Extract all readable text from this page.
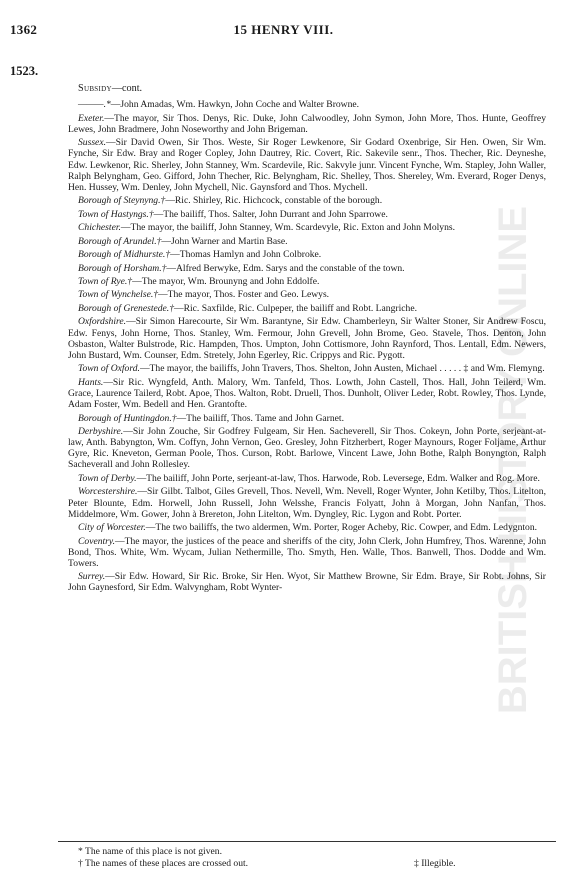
1362	15 HENRY VIII.
1523.

Subsidy—cont.

———.*—John Amadas, Wm. Hawkyn, John Coche and Walter Browne.

Exeter.—The mayor, Sir Thos. Denys, Ric. Duke, John Calwoodley, John Symon, John More, Thos. Hunte, Geoffrey Lewes, John Bradmere, John Noseworthy and John Brigeman.

Sussex.—Sir David Owen, Sir Thos. Weste, Sir Roger Lewkenore, Sir Godard Oxenbrige, Sir Hen. Owen, Sir Wm. Fynche, Sir Edw. Bray and Roger Copley, John Dautrey, Ric. Covert, Ric. Sakevile senr., Thos. Thecher, Ric. Deyneshe, Edw. Lewkenor, Ric. Sherley, John Stanney, Wm. Scardevile, Ric. Sakvyle junr. Vincent Fynche, Wm. Stapley, John Waller, Ralph Belyngham, Geo. Gifford, John Thecher, Ric. Belyngham, Ric. Shelley, Thos. Shereley, Wm. Everard, Roger Denys, Hen. Hussey, Wm. Denley, John Mychell, Nic. Gaynsford and Thos. Mychell.

Borough of Steynyng.†—Ric. Shirley, Ric. Hichcock, constable of the borough.

Town of Hastyngs.†—The bailiff, Thos. Salter, John Durrant and John Sparrowe.

Chichester.—The mayor, the bailiff, John Stanney, Wm. Scardevyle, Ric. Exton and John Molyns.

Borough of Arundel.†—John Warner and Martin Base.

Borough of Midhurste.†—Thomas Hamlyn and John Colbroke.

Borough of Horsham.†—Alfred Berwyke, Edm. Sarys and the constable of the town.

Town of Rye.†—The mayor, Wm. Brounyng and John Eddolfe.

Town of Wynchelse.†—The mayor, Thos. Foster and Geo. Lewys.

Borough of Grenestede.†—Ric. Saxfilde, Ric. Culpeper, the bailiff and Robt. Langriche.

Oxfordshire.—Sir Simon Harecourte, Sir Wm. Barantyne, Sir Edw. Chamberleyn, Sir Walter Stoner, Sir Andrew Foscu, Edw. Fenys, John Horne, Thos. Stanley, Wm. Fermour, John Grevell, John Brome, Geo. Stavele, Thos. Denton, John Osbaston, Walter Bulstrode, Ric. Hampden, Thos. Umpton, John Cottismore, John Raynford, Thos. Lentall, Edm. Newers, John Bustard, Wm. Counser, Edm. Stretely, John Egerley, Ric. Crippys and Ric. Pygott.

Town of Oxford.—The mayor, the bailiffs, John Travers, Thos. Shelton, John Austen, Michael . . . . . ‡ and Wm. Flemyng.

Hants.—Sir Ric. Wyngfeld, Anth. Malory, Wm. Tanfeld, Thos. Lowth, John Castell, Thos. Hall, John Teilerd, Wm. Grace, Laurence Tailerd, Robt. Apoe, Thos. Walton, Robt. Druell, Thos. Dunholt, Oliver Leder, Robt. Rowley, Thos. Lynde, Adam Foster, Wm. Bedell and Hen. Grantofte.

Borough of Huntingdon.†—The bailiff, Thos. Tame and John Garnet.

Derbyshire.—Sir John Zouche, Sir Godfrey Fulgeam, Sir Hen. Sacheverell, Sir Thos. Cokeyn, John Porte, serjeant-at-law, Anth. Babyngton, Wm. Coffyn, John Vernon, Geo. Gresley, John Fitzherbert, Roger Maynours, Roger Foljame, Arthur Gyre, Ric. Kneveton, German Poole, Thos. Curson, Robt. Barlowe, Vincent Lawe, John Bothe, Ralph Bonyngton, Ralph Sacheverall and John Rollesley.

Town of Derby.—The bailiff, John Porte, serjeant-at-law, Thos. Harwode, Rob. Leversege, Edm. Walker and Rog. More.

Worcestershire.—Sir Gilbt. Talbot, Giles Grevell, Thos. Nevell, Wm. Nevell, Roger Wynter, John Ketilby, Thos. Litelton, Peter Blounte, Edm. Horwell, John Russell, John Welsshe, Francis Folyatt, John à Morgan, John Nanfan, Thos. Middelmore, Wm. Gower, John à Brereton, John Litelton, Wm. Dyngley, Ric. Lygon and Robt. Porter.

City of Worcester.—The two bailiffs, the two aldermen, Wm. Porter, Roger Acheby, Ric. Cowper, and Edm. Ledygnton.

Coventry.—The mayor, the justices of the peace and sheriffs of the city, John Clerk, John Humfrey, Thos. Warenne, John Bond, Thos. White, Wm. Wycam, Julian Nethermille, Tho. Smyth, Hen. Walle, Thos. Banwell, Thos. Dodde and Wm. Towers.

Surrey.—Sir Edw. Howard, Sir Ric. Broke, Sir Hen. Wyot, Sir Matthew Browne, Sir Edm. Braye, Sir Robt. Johns, Sir John Gaynesford, Sir Edm. Walvyngham, Robt Wynter-

* The name of this place is not given.
† The names of these places are crossed out.	‡ Illegible.
BRITISH HISTORY ONLINE
